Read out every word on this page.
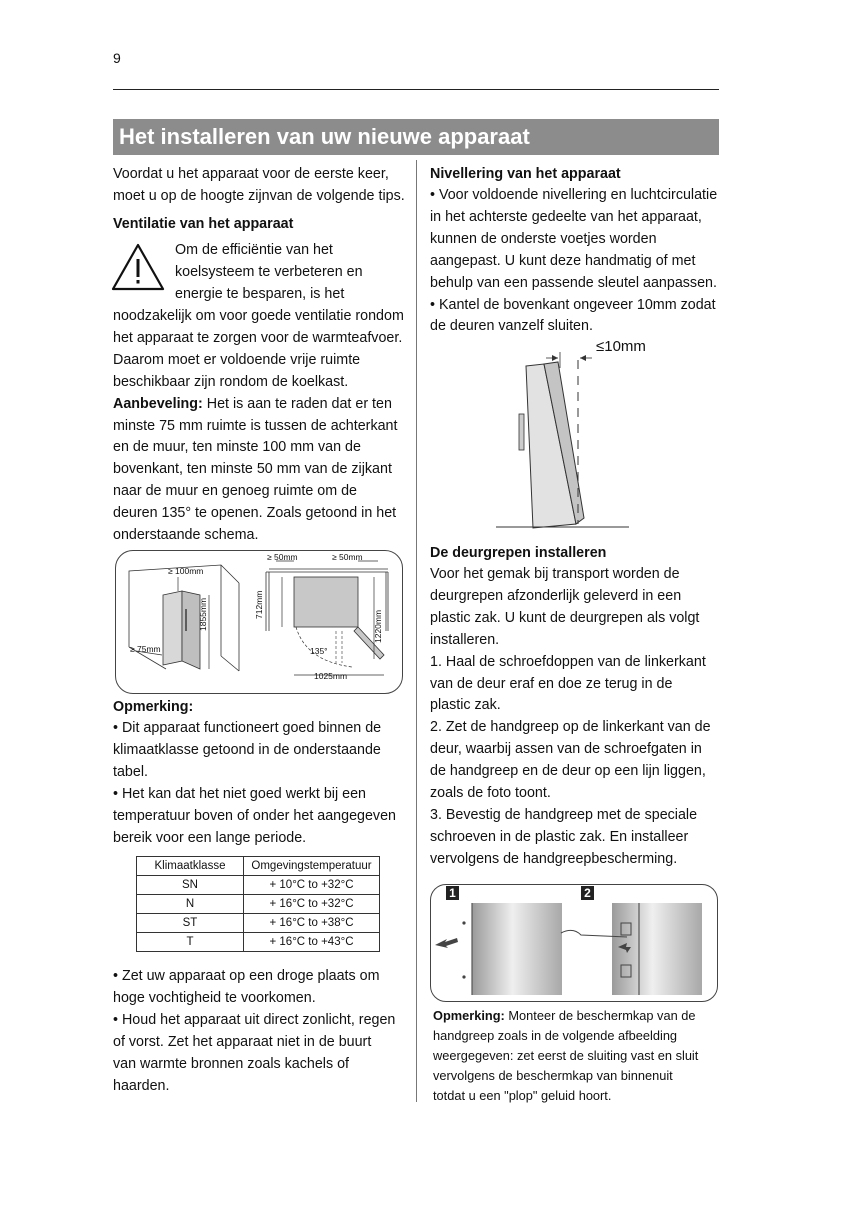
9
Het installeren van uw nieuwe apparaat

Voordat u het apparaat voor de eerste keer,

moet u op de hoogte zijnvan de volgende tips.

Ventilatie van het apparaat

Om de efficiëntie van het

koelsysteem te verbeteren en

energie te besparen, is het

noodzakelijk om voor goede ventilatie rondom

het apparaat te zorgen voor de warmteafvoer.

Daarom moet er voldoende vrije ruimte

beschikbaar zijn rondom de koelkast.

Aanbeveling: Het is aan te raden dat er ten

minste 75 mm ruimte is tussen de achterkant

en de muur, ten minste 100 mm van de

bovenkant, ten minste 50 mm van de zijkant

naar de muur en genoeg ruimte om de

deuren 135° te openen. Zoals getoond in het

onderstaande schema.

≥ 100mm
≥ 75mm
1855mm
≥ 50mm	≥ 50mm
712mm
135°
1025mm
1220mm
Opmerking:

• Dit apparaat functioneert goed binnen de

klimaatklasse getoond in de onderstaande

tabel.

• Het kan dat het niet goed werkt bij een

temperatuur boven of onder het aangegeven

bereik voor een lange periode.

Klimaatklasse	Omgevingstemperatuur
SN	+ 10°C to +32°C
N	+ 16°C to +32°C
ST	+ 16°C to +38°C
T	+ 16°C to +43°C

• Zet uw apparaat op een droge plaats om

hoge vochtigheid te voorkomen.

• Houd het apparaat uit direct zonlicht, regen

of vorst. Zet het apparaat niet in de buurt

van warmte bronnen zoals kachels of

haarden.

Nivellering van het apparaat

• Voor voldoende nivellering en luchtcirculatie

in het achterste gedeelte van het apparaat,

kunnen de onderste voetjes worden

aangepast. U kunt deze handmatig of met

behulp van een passende sleutel aanpassen.

• Kantel de bovenkant ongeveer 10mm zodat

de deuren vanzelf sluiten.

≤10mm
De deurgrepen installeren

Voor het gemak bij transport worden de

deurgrepen afzonderlijk geleverd in een

plastic zak. U kunt de deurgrepen als volgt

installeren.

1. Haal de schroefdoppen van de linkerkant

van de deur eraf en doe ze terug in de

plastic zak.

2. Zet de handgreep op de linkerkant van de

deur, waarbij assen van de schroefgaten in

de handgreep en de deur op een lijn liggen,

zoals de foto toont.

3. Bevestig de handgreep met de speciale

schroeven in de plastic zak. En installeer

vervolgens de handgreepbescherming.

1	2

Opmerking: Monteer de beschermkap van de

handgreep zoals in de volgende afbeelding

weergegeven: zet eerst de sluiting vast en sluit

vervolgens de beschermkap van binnenuit

totdat u een "plop" geluid hoort.
